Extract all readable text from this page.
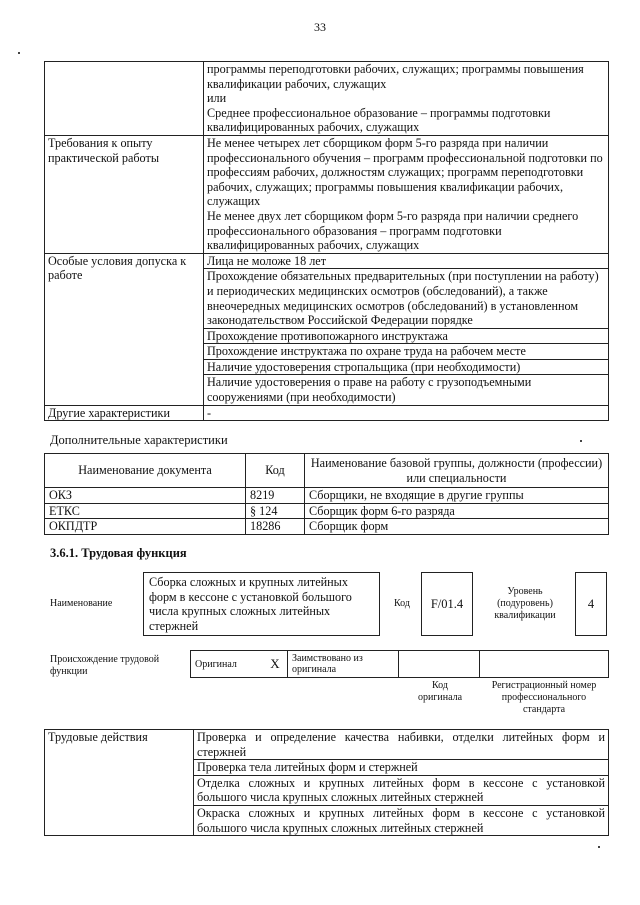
33
	программы переподготовки рабочих, служащих; программы повышения квалификации рабочих, служащих
или
Среднее профессиональное образование – программы подготовки квалифицированных рабочих, служащих
Требования к опыту практической работы	Не менее четырех лет сборщиком форм 5-го разряда при наличии профессионального обучения – программ профессиональной подготовки по профессиям рабочих, должностям служащих; программ переподготовки рабочих, служащих; программы повышения квалификации рабочих, служащих
Не менее двух лет сборщиком форм 5-го разряда при наличии среднего профессионального образования – программ подготовки квалифицированных рабочих, служащих
Особые условия допуска к работе	Лица не моложе 18 лет
	Прохождение обязательных предварительных (при поступлении на работу) и периодических медицинских осмотров (обследований), а также внеочередных медицинских осмотров (обследований) в установленном законодательством Российской Федерации порядке
	Прохождение противопожарного инструктажа
	Прохождение инструктажа по охране труда на рабочем месте
	Наличие удостоверения стропальщика (при необходимости)
	Наличие удостоверения о праве на работу с грузоподъемными сооружениями (при необходимости)
Другие характеристики	-
Дополнительные характеристики
Наименование документа	Код	Наименование базовой группы, должности (профессии) или специальности
ОКЗ	8219	Сборщики, не входящие в другие группы
ЕТКС	§ 124	Сборщик форм 6-го разряда
ОКПДТР	18286	Сборщик форм
3.6.1. Трудовая функция
Наименование
Сборка сложных и крупных литейных форм в кессоне с установкой большого числа крупных сложных литейных стержней
Код	F/01.4
Уровень (подуровень) квалификации
4
Происхождение трудовой функции
Оригинал	X	Заимствовано из оригинала		
Код оригинала
Регистрационный номер профессионального стандарта
Трудовые действия	Проверка и определение качества набивки, отделки литейных форм и стержней
Проверка тела литейных форм и стержней
Отделка сложных и крупных литейных форм в кессоне с установкой большого числа крупных сложных литейных стержней
Окраска сложных и крупных литейных форм в кессоне с установкой большого числа крупных сложных литейных стержней
